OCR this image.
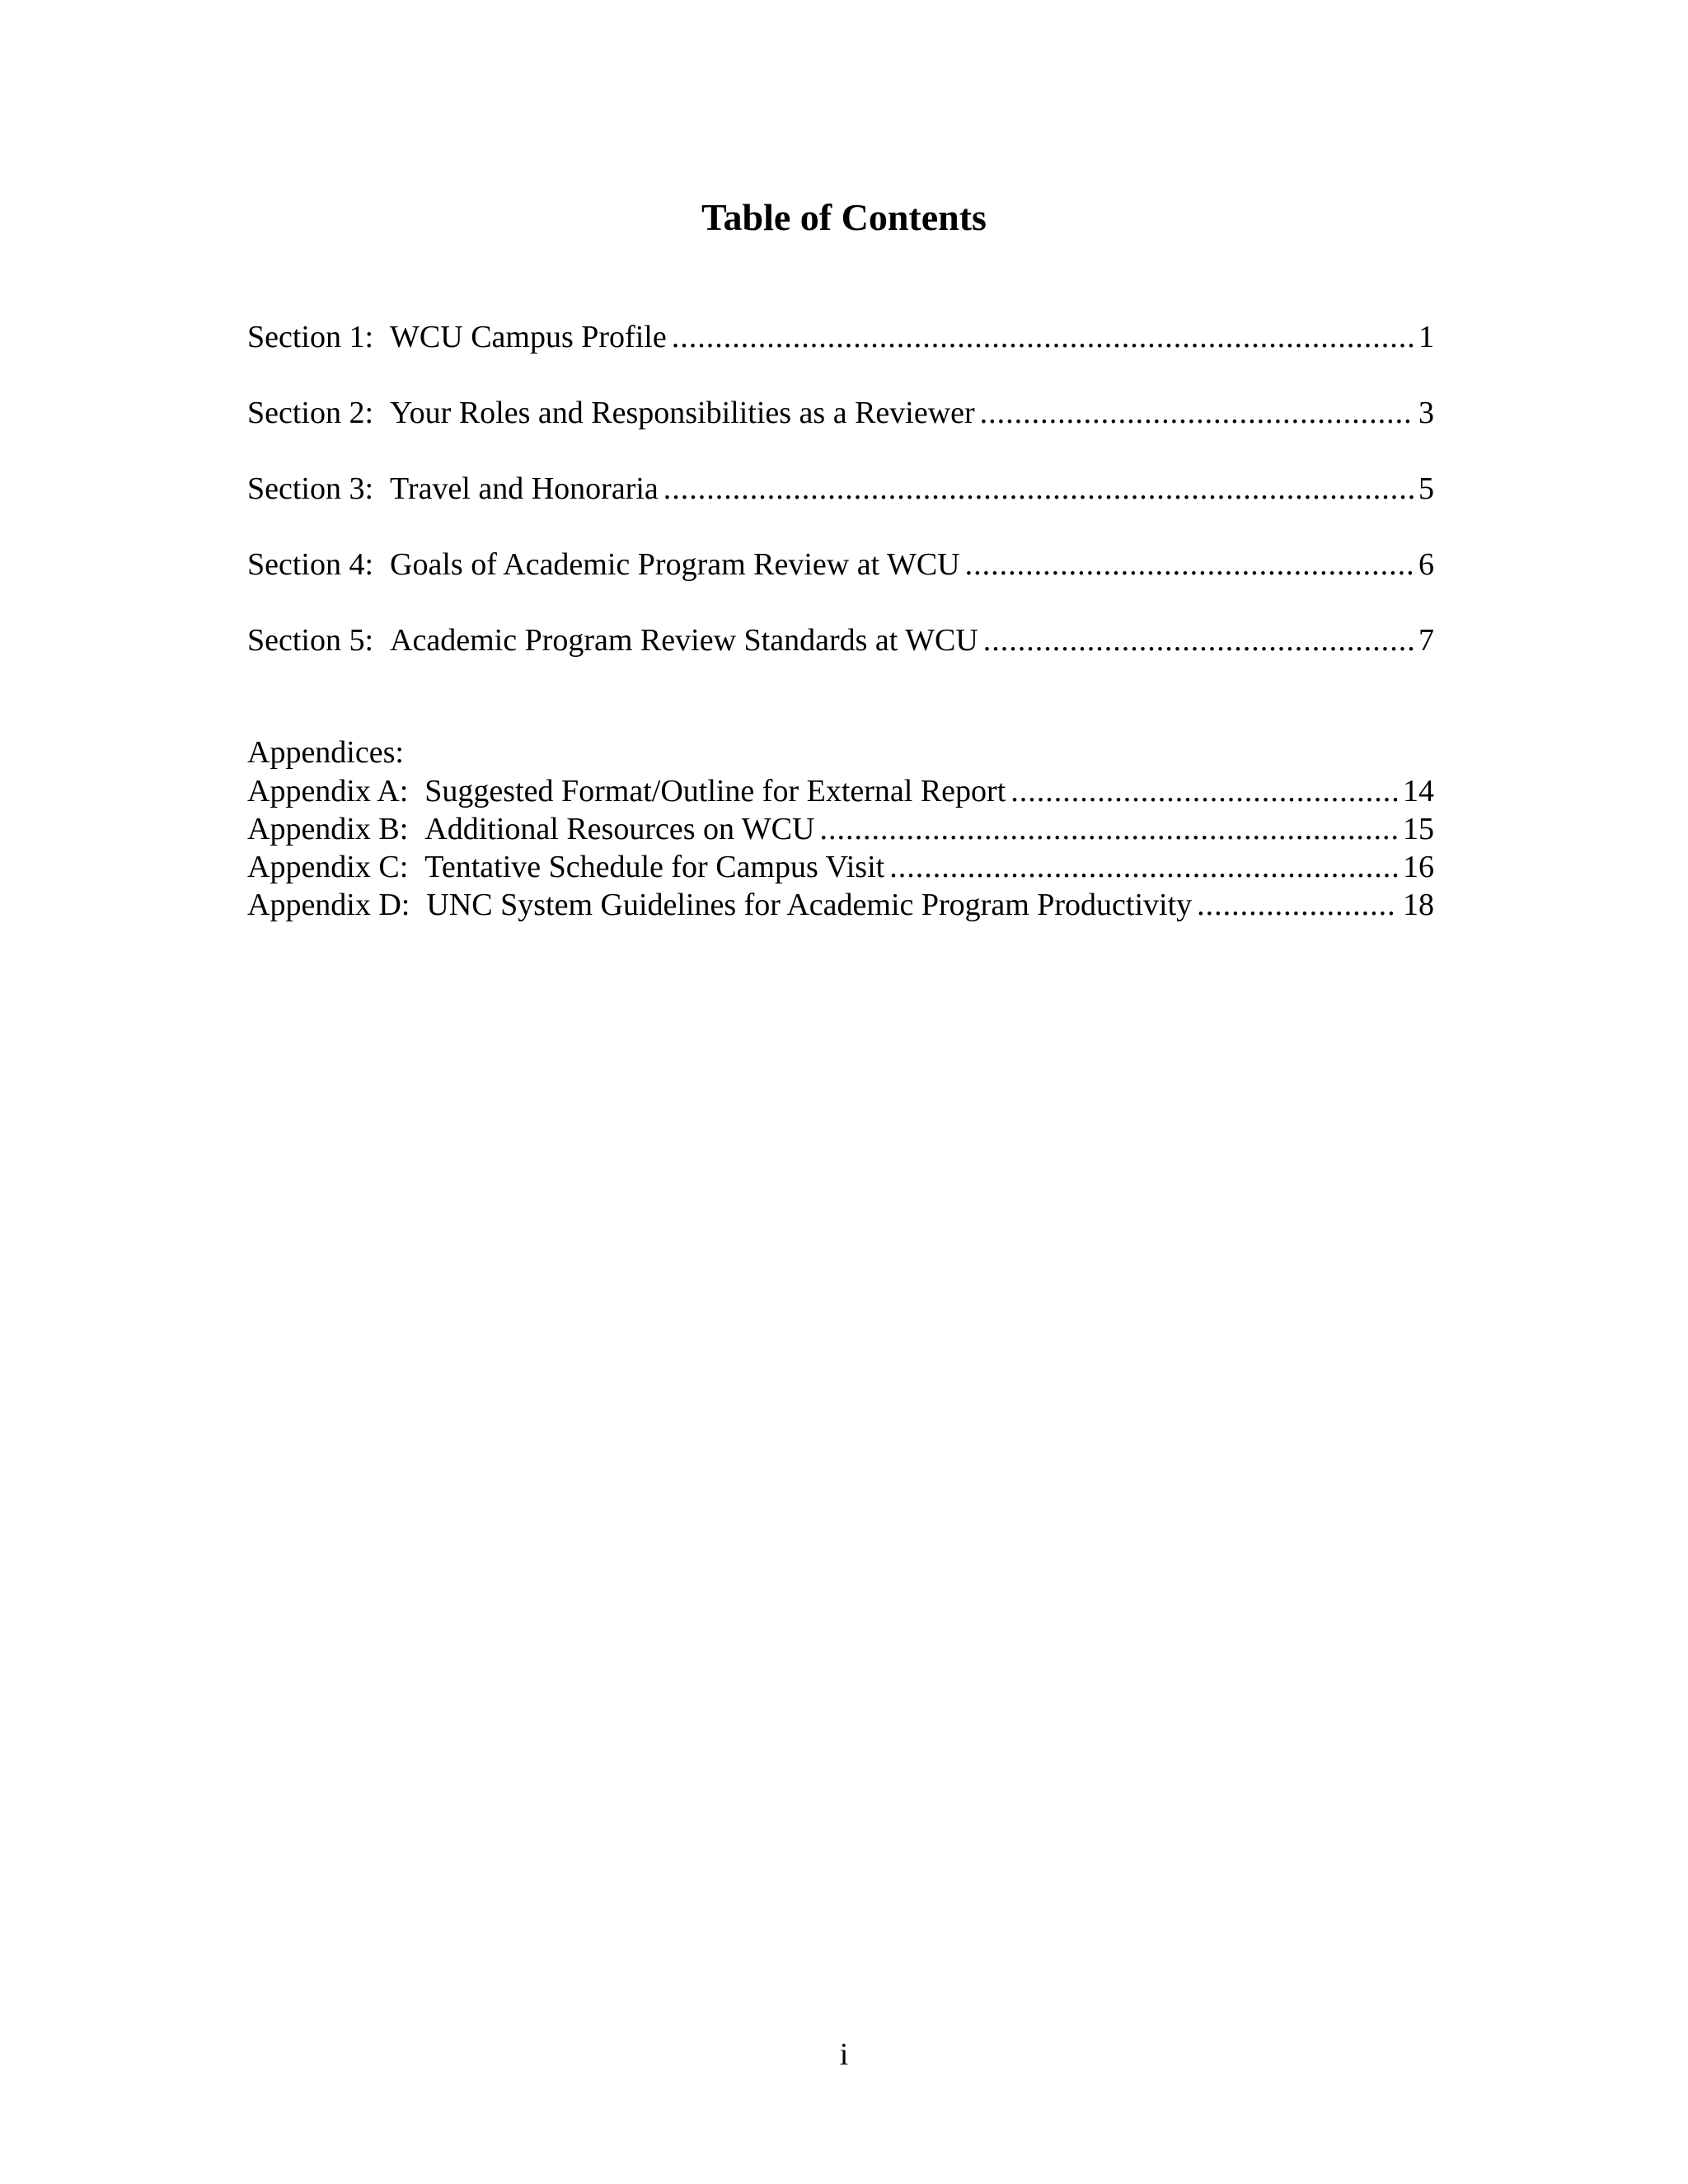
Table of Contents
Section 1: WCU Campus Profile .....	1
Section 2: Your Roles and Responsibilities as a Reviewer .....	3
Section 3: Travel and Honoraria .....	5
Section 4: Goals of Academic Program Review at WCU .....	6
Section 5: Academic Program Review Standards at WCU .....	7
Appendices:
Appendix A: Suggested Format/Outline for External Report .....	14
Appendix B: Additional Resources on WCU .....	15
Appendix C: Tentative Schedule for Campus Visit .....	16
Appendix D: UNC System Guidelines for Academic Program Productivity .....	18
i
